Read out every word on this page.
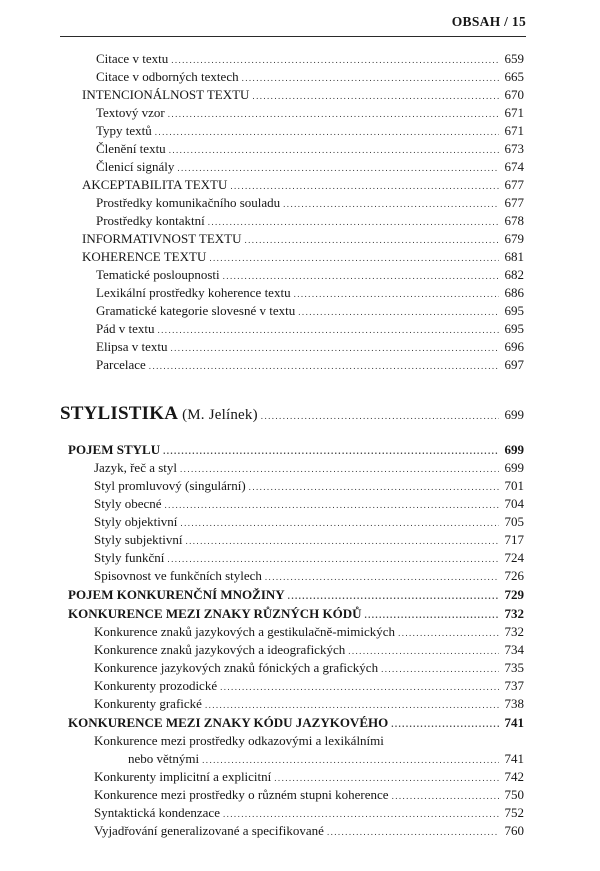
OBSAH / 15
Citace v textu .....	659
Citace v odborných textech .....	665
INTENCIONÁLNOST TEXTU .....	670
Textový vzor .....	671
Typy textů .....	671
Členění textu .....	673
Členicí signály .....	674
AKCEPTABILITA TEXTU .....	677
Prostředky komunikačního souladu .....	677
Prostředky kontaktní .....	678
INFORMATIVNOST TEXTU .....	679
KOHERENCE TEXTU .....	681
Tematické posloupnosti .....	682
Lexikální prostředky koherence textu .....	686
Gramatické kategorie slovesné v textu .....	695
Pád v textu .....	695
Elipsa v textu .....	696
Parcelace .....	697
STYLISTIKA (M. Jelínek) .....	699
POJEM STYLU .....	699
Jazyk, řeč a styl .....	699
Styl promluvový (singulární) .....	701
Styly obecné .....	704
Styly objektivní .....	705
Styly subjektivní .....	717
Styly funkční .....	724
Spisovnost ve funkčních stylech .....	726
POJEM KONKURENČNÍ MNOŽINY .....	729
KONKURENCE MEZI ZNAKY RŮZNÝCH KÓDŮ .....	732
Konkurence znaků jazykových a gestikulačně-mimických .....	732
Konkurence znaků jazykových a ideografických .....	734
Konkurence jazykových znaků fónických a grafických .....	735
Konkurenty prozodické .....	737
Konkurenty grafické .....	738
KONKURENCE MEZI ZNAKY KÓDU JAZYKOVÉHO .....	741
Konkurence mezi prostředky odkazovými a lexikálními
nebo větnými .....	741
Konkurenty implicitní a explicitní .....	742
Konkurence mezi prostředky o různém stupni koherence .....	750
Syntaktická kondenzace .....	752
Vyjadřování generalizované a specifikované .....	760
